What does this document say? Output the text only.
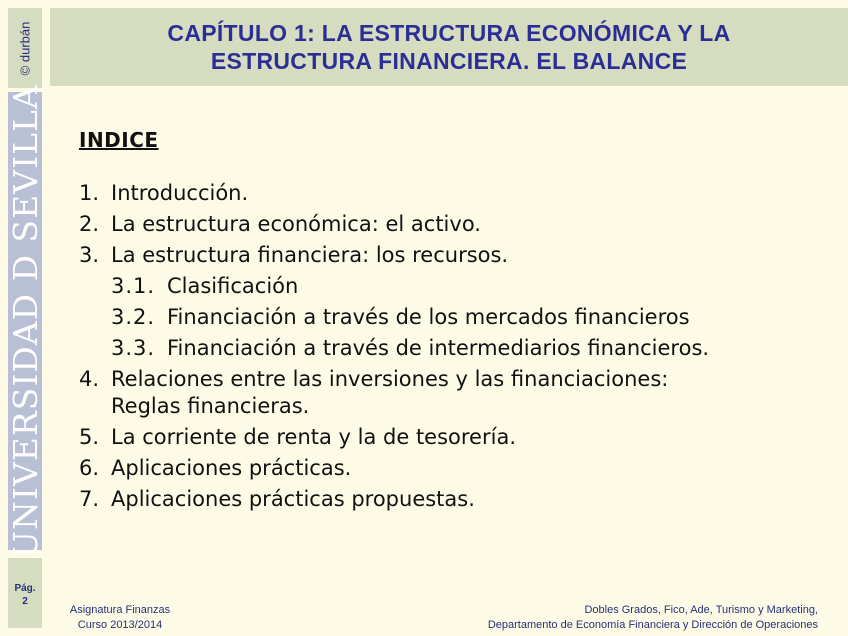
© durbán
UNIVERSIDAD D SEVILLA
Pág.
2
CAPÍTULO 1: LA ESTRUCTURA ECONÓMICA Y LA
ESTRUCTURA FINANCIERA. EL BALANCE
INDICE
1. Introducción.
2. La estructura económica: el activo.
3. La estructura financiera: los recursos.
3.1. Clasificación
3.2. Financiación a través de los mercados financieros
3.3. Financiación a través de intermediarios financieros.
4. Relaciones entre las inversiones y las financiaciones:
Reglas financieras.
5. La corriente de renta y la de tesorería.
6. Aplicaciones prácticas.
7. Aplicaciones prácticas propuestas.
Asignatura Finanzas
Curso 2013/2014
Dobles Grados, Fico, Ade, Turismo y Marketing,
Departamento de Economía Financiera y Dirección de Operaciones
